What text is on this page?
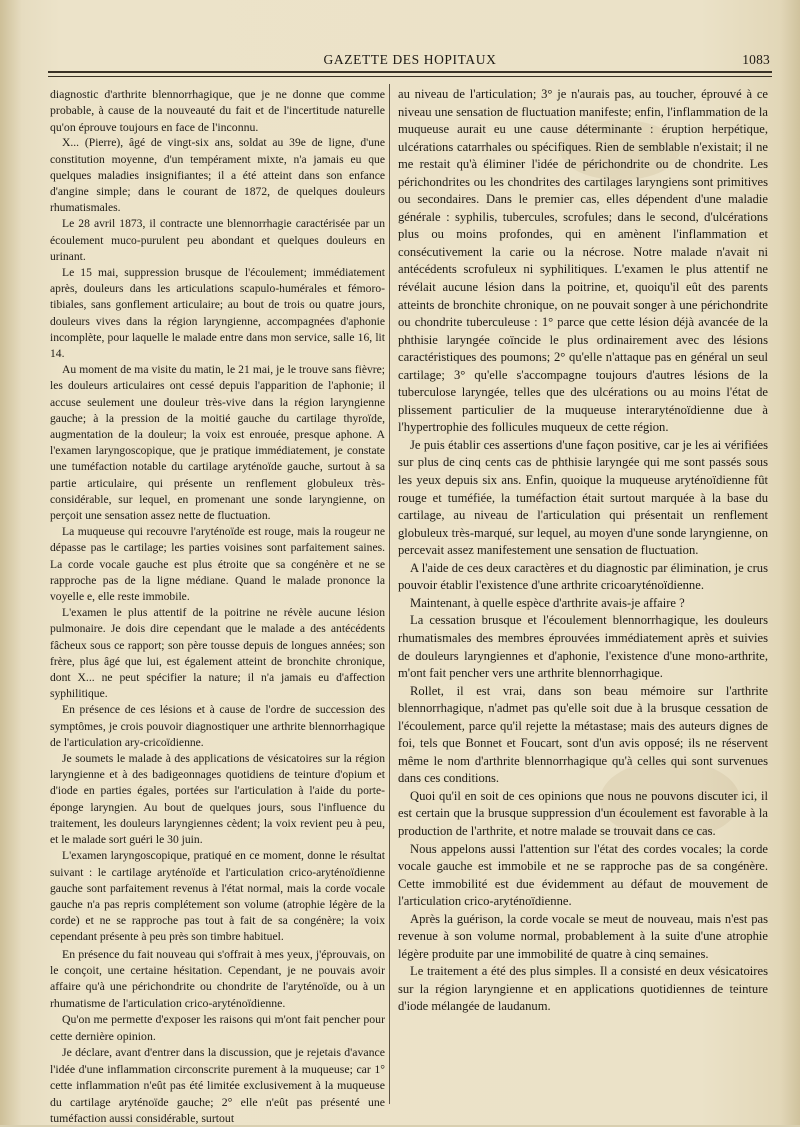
GAZETTE DES HOPITAUX	1083

diagnostic d'arthrite blennorrhagique, que je ne donne que comme probable, à cause de la nouveauté du fait et de l'incertitude naturelle qu'on éprouve toujours en face de l'inconnu.

X... (Pierre), âgé de vingt-six ans, soldat au 39e de ligne, d'une constitution moyenne, d'un tempérament mixte, n'a jamais eu que quelques maladies insignifiantes; il a été atteint dans son enfance d'angine simple; dans le courant de 1872, de quelques douleurs rhumatismales.

Le 28 avril 1873, il contracte une blennorrhagie caractérisée par un écoulement muco-purulent peu abondant et quelques douleurs en urinant.

Le 15 mai, suppression brusque de l'écoulement; immédiatement après, douleurs dans les articulations scapulo-humérales et fémoro-tibiales, sans gonflement articulaire; au bout de trois ou quatre jours, douleurs vives dans la région laryngienne, accompagnées d'aphonie incomplète, pour laquelle le malade entre dans mon service, salle 16, lit 14.

Au moment de ma visite du matin, le 21 mai, je le trouve sans fièvre; les douleurs articulaires ont cessé depuis l'apparition de l'aphonie; il accuse seulement une douleur très-vive dans la région laryngienne gauche; à la pression de la moitié gauche du cartilage thyroïde, augmentation de la douleur; la voix est enrouée, presque aphone. A l'examen laryngoscopique, que je pratique immédiatement, je constate une tuméfaction notable du cartilage aryténoïde gauche, surtout à sa partie articulaire, qui présente un renflement globuleux très-considérable, sur lequel, en promenant une sonde laryngienne, on perçoit une sensation assez nette de fluctuation.

La muqueuse qui recouvre l'aryténoïde est rouge, mais la rougeur ne dépasse pas le cartilage; les parties voisines sont parfaitement saines. La corde vocale gauche est plus étroite que sa congénère et ne se rapproche pas de la ligne médiane. Quand le malade prononce la voyelle e, elle reste immobile.

L'examen le plus attentif de la poitrine ne révèle aucune lésion pulmonaire. Je dois dire cependant que le malade a des antécédents fâcheux sous ce rapport; son père tousse depuis de longues années; son frère, plus âgé que lui, est également atteint de bronchite chronique, dont X... ne peut spécifier la nature; il n'a jamais eu d'affection syphilitique.

En présence de ces lésions et à cause de l'ordre de succession des symptômes, je crois pouvoir diagnostiquer une arthrite blennorrhagique de l'articulation ary-cricoïdienne.

Je soumets le malade à des applications de vésicatoires sur la région laryngienne et à des badigeonnages quotidiens de teinture d'opium et d'iode en parties égales, portées sur l'articulation à l'aide du porte-éponge laryngien. Au bout de quelques jours, sous l'influence du traitement, les douleurs laryngiennes cèdent; la voix revient peu à peu, et le malade sort guéri le 30 juin.

L'examen laryngoscopique, pratiqué en ce moment, donne le résultat suivant : le cartilage aryténoïde et l'articulation crico-aryténoïdienne gauche sont parfaitement revenus à l'état normal, mais la corde vocale gauche n'a pas repris complétement son volume (atrophie légère de la corde) et ne se rapproche pas tout à fait de sa congénère; la voix cependant présente à peu près son timbre habituel.

En présence du fait nouveau qui s'offrait à mes yeux, j'éprouvais, on le conçoit, une certaine hésitation. Cependant, je ne pouvais avoir affaire qu'à une périchondrite ou chondrite de l'aryténoïde, ou à un rhumatisme de l'articulation crico-aryténoïdienne.

Qu'on me permette d'exposer les raisons qui m'ont fait pencher pour cette dernière opinion.

Je déclare, avant d'entrer dans la discussion, que je rejetais d'avance l'idée d'une inflammation circonscrite purement à la muqueuse; car 1° cette inflammation n'eût pas été limitée exclusivement à la muqueuse du cartilage aryténoïde gauche; 2° elle n'eût pas présenté une tuméfaction aussi considérable, surtout

au niveau de l'articulation; 3° je n'aurais pas, au toucher, éprouvé à ce niveau une sensation de fluctuation manifeste; enfin, l'inflammation de la muqueuse aurait eu une cause déterminante : éruption herpétique, ulcérations catarrhales ou spécifiques. Rien de semblable n'existait; il ne me restait qu'à éliminer l'idée de périchondrite ou de chondrite. Les périchondrites ou les chondrites des cartilages laryngiens sont primitives ou secondaires. Dans le premier cas, elles dépendent d'une maladie générale : syphilis, tubercules, scrofules; dans le second, d'ulcérations plus ou moins profondes, qui en amènent l'inflammation et consécutivement la carie ou la nécrose. Notre malade n'avait ni antécédents scrofuleux ni syphilitiques. L'examen le plus attentif ne révélait aucune lésion dans la poitrine, et, quoiqu'il eût des parents atteints de bronchite chronique, on ne pouvait songer à une périchondrite ou chondrite tuberculeuse : 1° parce que cette lésion déjà avancée de la phthisie laryngée coïncide le plus ordinairement avec des lésions caractéristiques des poumons; 2° qu'elle n'attaque pas en général un seul cartilage; 3° qu'elle s'accompagne toujours d'autres lésions de la tuberculose laryngée, telles que des ulcérations ou au moins l'état de plissement particulier de la muqueuse interaryténoïdienne due à l'hypertrophie des follicules muqueux de cette région.

Je puis établir ces assertions d'une façon positive, car je les ai vérifiées sur plus de cinq cents cas de phthisie laryngée qui me sont passés sous les yeux depuis six ans. Enfin, quoique la muqueuse aryténoïdienne fût rouge et tuméfiée, la tuméfaction était surtout marquée à la base du cartilage, au niveau de l'articulation qui présentait un renflement globuleux très-marqué, sur lequel, au moyen d'une sonde laryngienne, on percevait assez manifestement une sensation de fluctuation.

A l'aide de ces deux caractères et du diagnostic par élimination, je crus pouvoir établir l'existence d'une arthrite cricoaryténoïdienne.

Maintenant, à quelle espèce d'arthrite avais-je affaire ?

La cessation brusque et l'écoulement blennorrhagique, les douleurs rhumatismales des membres éprouvées immédiatement après et suivies de douleurs laryngiennes et d'aphonie, l'existence d'une mono-arthrite, m'ont fait pencher vers une arthrite blennorrhagique.

Rollet, il est vrai, dans son beau mémoire sur l'arthrite blennorrhagique, n'admet pas qu'elle soit due à la brusque cessation de l'écoulement, parce qu'il rejette la métastase; mais des auteurs dignes de foi, tels que Bonnet et Foucart, sont d'un avis opposé; ils ne réservent même le nom d'arthrite blennorrhagique qu'à celles qui sont survenues dans ces conditions.

Quoi qu'il en soit de ces opinions que nous ne pouvons discuter ici, il est certain que la brusque suppression d'un écoulement est favorable à la production de l'arthrite, et notre malade se trouvait dans ce cas.

Nous appelons aussi l'attention sur l'état des cordes vocales; la corde vocale gauche est immobile et ne se rapproche pas de sa congénère. Cette immobilité est due évidemment au défaut de mouvement de l'articulation crico-aryténoïdienne.

Après la guérison, la corde vocale se meut de nouveau, mais n'est pas revenue à son volume normal, probablement à la suite d'une atrophie légère produite par une immobilité de quatre à cinq semaines.

Le traitement a été des plus simples. Il a consisté en deux vésicatoires sur la région laryngienne et en applications quotidiennes de teinture d'iode mélangée de laudanum.
